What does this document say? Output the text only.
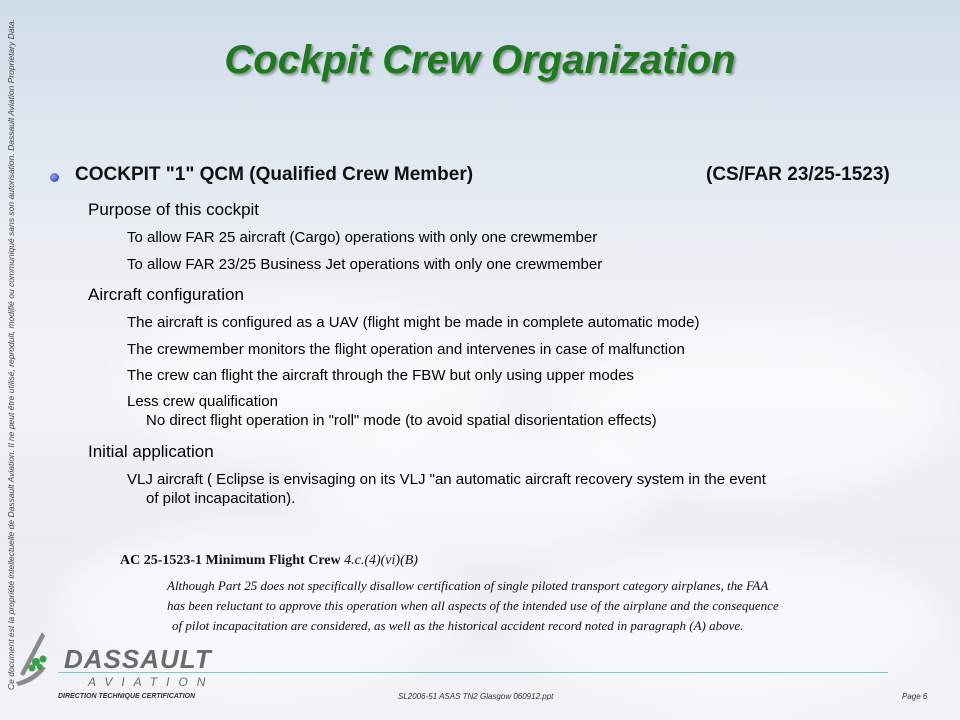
Ce document est la propriété intellectuelle de Dassault Aviation. Il ne peut être utilisé, reproduit, modifié ou communiqué sans son autorisation. Dassault Aviation Proprietary Data.	Cockpit Crew Organization
COCKPIT "1" QCM (Qualified Crew Member)	(CS/FAR 23/25-1523)
Purpose of this cockpit
To allow FAR 25 aircraft (Cargo) operations with only one crewmember
To allow FAR 23/25 Business Jet operations with only one crewmember
Aircraft configuration
The aircraft is configured as a UAV (flight might be made in complete automatic mode)
The crewmember monitors the flight operation and intervenes in case of malfunction
The crew can flight the aircraft through the FBW but only using upper modes
Less crew qualification
No direct flight operation in "roll" mode (to avoid spatial disorientation effects)
Initial application
VLJ aircraft ( Eclipse is envisaging on its VLJ "an automatic aircraft recovery system in the event
of pilot incapacitation).
AC 25-1523-1 Minimum Flight Crew 4.c.(4)(vi)(B)
Although Part 25 does not specifically disallow certification of single piloted transport category airplanes, the FAA
has been reluctant to approve this operation when all aspects of the intended use of the airplane and the consequence
of pilot incapacitation are considered, as well as the historical accident record noted in paragraph (A) above.
DASSAULT
AVIATION
DIRECTION TECHNIQUE CERTIFICATION	SL2006-51 ASAS TN2 Glasgow 060912.ppt	Page 6
